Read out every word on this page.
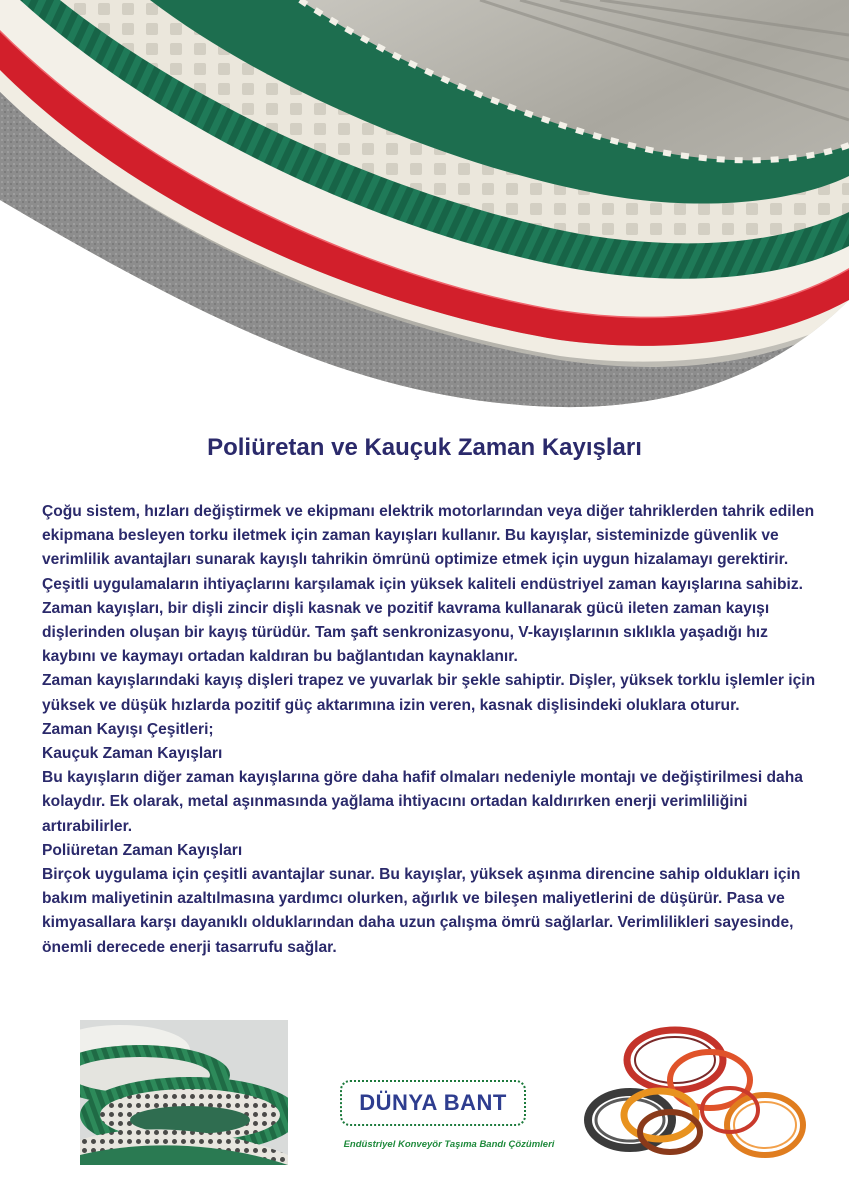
Poliüretan ve Kauçuk Zaman Kayışları

Çoğu sistem, hızları değiştirmek ve ekipmanı elektrik motorlarından veya diğer tahriklerden tahrik edilen ekipmana besleyen torku iletmek için zaman kayışları kullanır. Bu kayışlar, sisteminizde güvenlik ve verimlilik avantajları sunarak kayışlı tahrikin ömrünü optimize etmek için uygun hizalamayı gerektirir. Çeşitli uygulamaların ihtiyaçlarını karşılamak için yüksek kaliteli endüstriyel zaman kayışlarına sahibiz.

Zaman kayışları, bir dişli zincir dişli kasnak ve pozitif kavrama kullanarak gücü ileten zaman kayışı dişlerinden oluşan bir kayış türüdür. Tam şaft senkronizasyonu, V-kayışlarının sıklıkla yaşadığı hız kaybını ve kaymayı ortadan kaldıran bu bağlantıdan kaynaklanır.

Zaman kayışlarındaki kayış dişleri trapez ve yuvarlak bir şekle sahiptir. Dişler, yüksek torklu işlemler için yüksek ve düşük hızlarda pozitif güç aktarımına izin veren, kasnak dişlisindeki oluklara oturur.

Zaman Kayışı Çeşitleri;

Kauçuk Zaman Kayışları

Bu kayışların diğer zaman kayışlarına göre daha hafif olmaları nedeniyle montajı ve değiştirilmesi daha kolaydır. Ek olarak, metal aşınmasında yağlama ihtiyacını ortadan kaldırırken enerji verimliliğini artırabilirler.

Poliüretan Zaman Kayışları

Birçok uygulama için çeşitli avantajlar sunar. Bu kayışlar, yüksek aşınma direncine sahip oldukları için bakım maliyetinin azaltılmasına yardımcı olurken, ağırlık ve bileşen maliyetlerini de düşürür. Pasa ve kimyasallara karşı dayanıklı olduklarından daha uzun çalışma ömrü sağlarlar. Verimlilikleri sayesinde, önemli derecede enerji tasarrufu sağlar.

DÜNYA BANT
Endüstriyel Konveyör Taşıma Bandı Çözümleri
